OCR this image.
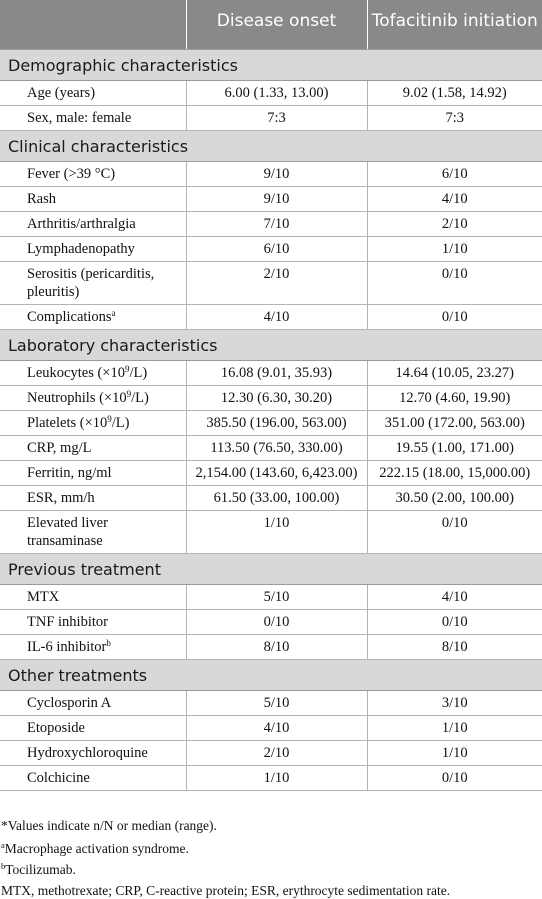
	Disease onset	Tofacitinib initiation
Demographic characteristics		
Age (years)	6.00 (1.33, 13.00)	9.02 (1.58, 14.92)
Sex, male: female	7:3	7:3
Clinical characteristics		
Fever (>39 °C)	9/10	6/10
Rash	9/10	4/10
Arthritis/arthralgia	7/10	2/10
Lymphadenopathy	6/10	1/10
Serositis (pericarditis, pleuritis)	2/10	0/10
Complications$^a$	4/10	0/10
Laboratory characteristics		
Leukocytes $(\times 10^9/L)$	16.08 (9.01, 35.93)	14.64 (10.05, 23.27)
Neutrophils $(\times 10^9/L)$	12.30 (6.30, 30.20)	12.70 (4.60, 19.90)
Platelets $(\times 10^9/L)$	385.50 (196.00, 563.00)	351.00 (172.00, 563.00)
CRP, mg/L	113.50 (76.50, 330.00)	19.55 (1.00, 171.00)
Ferritin, ng/ml	2,154.00 (143.60, 6,423.00)	222.15 (18.00, 15,000.00)
ESR, mm/h	61.50 (33.00, 100.00)	30.50 (2.00, 100.00)
Elevated liver transaminase	1/10	0/10
Previous treatment		
MTX	5/10	4/10
TNF inhibitor	0/10	0/10
IL-6 inhibitor$^b$	8/10	8/10
Other treatments		
Cyclosporin A	5/10	3/10
Etoposide	4/10	1/10
Hydroxychloroquine	2/10	1/10
Colchicine	1/10	0/10
*Values indicate n/N or median (range).
$^a$Macrophage activation syndrome.
$^b$Tocilizumab.
MTX, methotrexate; CRP, C-reactive protein; ESR, erythrocyte sedimentation rate.
